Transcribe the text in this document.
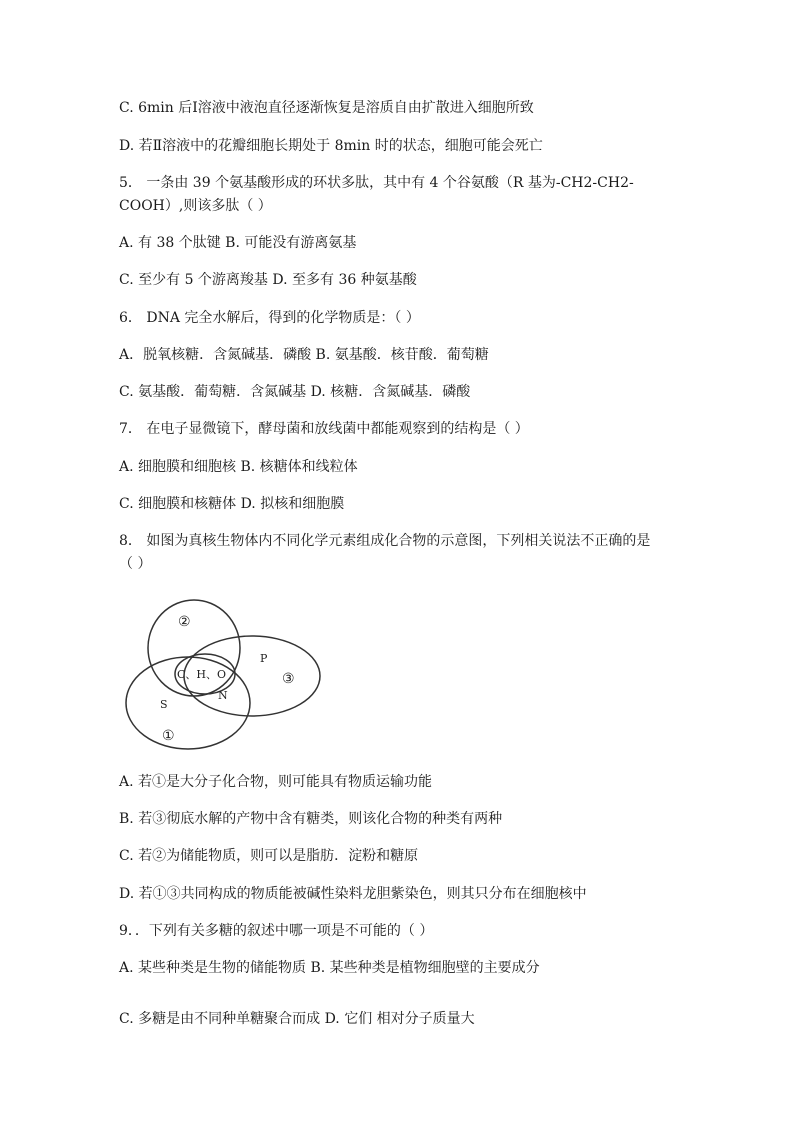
C. 6min 后Ⅰ溶液中液泡直径逐渐恢复是溶质自由扩散进入细胞所致
D. 若Ⅱ溶液中的花瓣细胞长期处于 8min 时的状态，细胞可能会死亡
5． 一条由 39 个氨基酸形成的环状多肽，其中有 4 个谷氨酸（R 基为-CH2-CH2-
COOH）,则该多肽（ ）
A. 有 38 个肽键 B. 可能没有游离氨基
C. 至少有 5 个游离羧基 D. 至多有 36 种氨基酸
6． DNA 完全水解后，得到的化学物质是：（ ）
A．脱氧核糖．含氮碱基．磷酸 B. 氨基酸．核苷酸．葡萄糖
C. 氨基酸．葡萄糖．含氮碱基 D. 核糖．含氮碱基．磷酸
7． 在电子显微镜下，酵母菌和放线菌中都能观察到的结构是（ ）
A. 细胞膜和细胞核 B. 核糖体和线粒体
C. 细胞膜和核糖体 D. 拟核和细胞膜
8． 如图为真核生物体内不同化学元素组成化合物的示意图，下列相关说法不正确的是
（ ）
②
P
③
C、H、O
N
S
①
A. 若①是大分子化合物，则可能具有物质运输功能
B. 若③彻底水解的产物中含有糖类，则该化合物的种类有两种
C. 若②为储能物质，则可以是脂肪．淀粉和糖原
D. 若①③共同构成的物质能被碱性染料龙胆紫染色，则其只分布在细胞核中
9．．下列有关多糖的叙述中哪一项是不可能的（ ）
A. 某些种类是生物的储能物质 B. 某些种类是植物细胞壁的主要成分
C. 多糖是由不同种单糖聚合而成 D. 它们 相对分子质量大
